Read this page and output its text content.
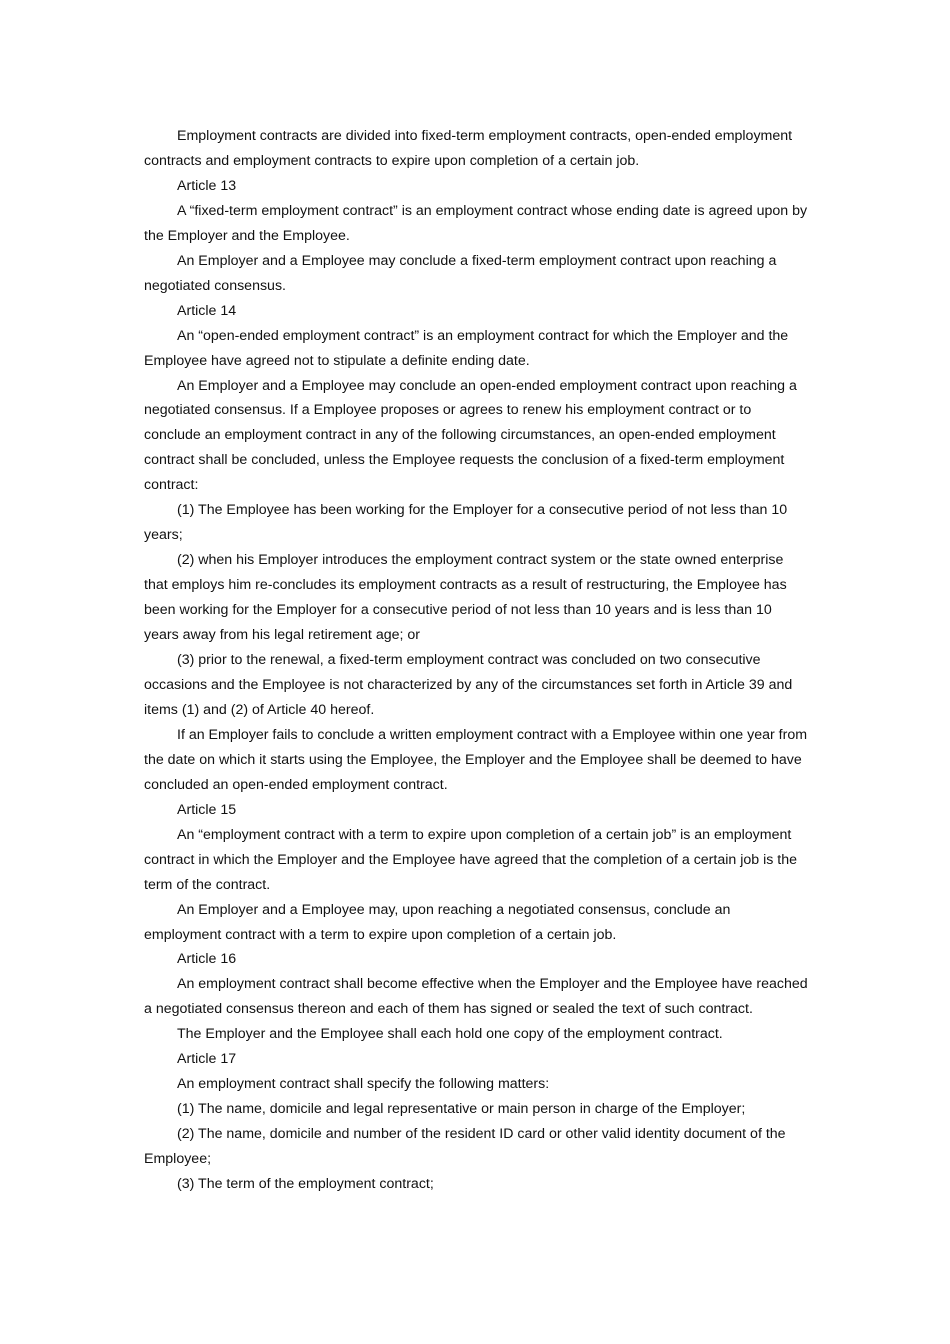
Employment contracts are divided into fixed-term employment contracts, open-ended employment contracts and employment contracts to expire upon completion of a certain job.

Article 13

A “fixed-term employment contract” is an employment contract whose ending date is agreed upon by the Employer and the Employee.

An Employer and a Employee may conclude a fixed-term employment contract upon reaching a negotiated consensus.

Article 14

An “open-ended employment contract” is an employment contract for which the Employer and the Employee have agreed not to stipulate a definite ending date.

An Employer and a Employee may conclude an open-ended employment contract upon reaching a negotiated consensus. If a Employee proposes or agrees to renew his employment contract or to conclude an employment contract in any of the following circumstances, an open-ended employment contract shall be concluded, unless the Employee requests the conclusion of a fixed-term employment contract:

(1) The Employee has been working for the Employer for a consecutive period of not less than 10 years;

(2) when his Employer introduces the employment contract system or the state owned enterprise that employs him re-concludes its employment contracts as a result of restructuring, the Employee has been working for the Employer for a consecutive period of not less than 10 years and is less than 10 years away from his legal retirement age; or

(3) prior to the renewal, a fixed-term employment contract was concluded on two consecutive occasions and the Employee is not characterized by any of the circumstances set forth in Article 39 and items (1) and (2) of Article 40 hereof.

If an Employer fails to conclude a written employment contract with a Employee within one year from the date on which it starts using the Employee, the Employer and the Employee shall be deemed to have concluded an open-ended employment contract.

Article 15

An “employment contract with a term to expire upon completion of a certain job” is an employment contract in which the Employer and the Employee have agreed that the completion of a certain job is the term of the contract.

An Employer and a Employee may, upon reaching a negotiated consensus, conclude an employment contract with a term to expire upon completion of a certain job.

Article 16

An employment contract shall become effective when the Employer and the Employee have reached a negotiated consensus thereon and each of them has signed or sealed the text of such contract.

The Employer and the Employee shall each hold one copy of the employment contract.

Article 17

An employment contract shall specify the following matters:

(1) The name, domicile and legal representative or main person in charge of the Employer;

(2) The name, domicile and number of the resident ID card or other valid identity document of the Employee;

(3) The term of the employment contract;
